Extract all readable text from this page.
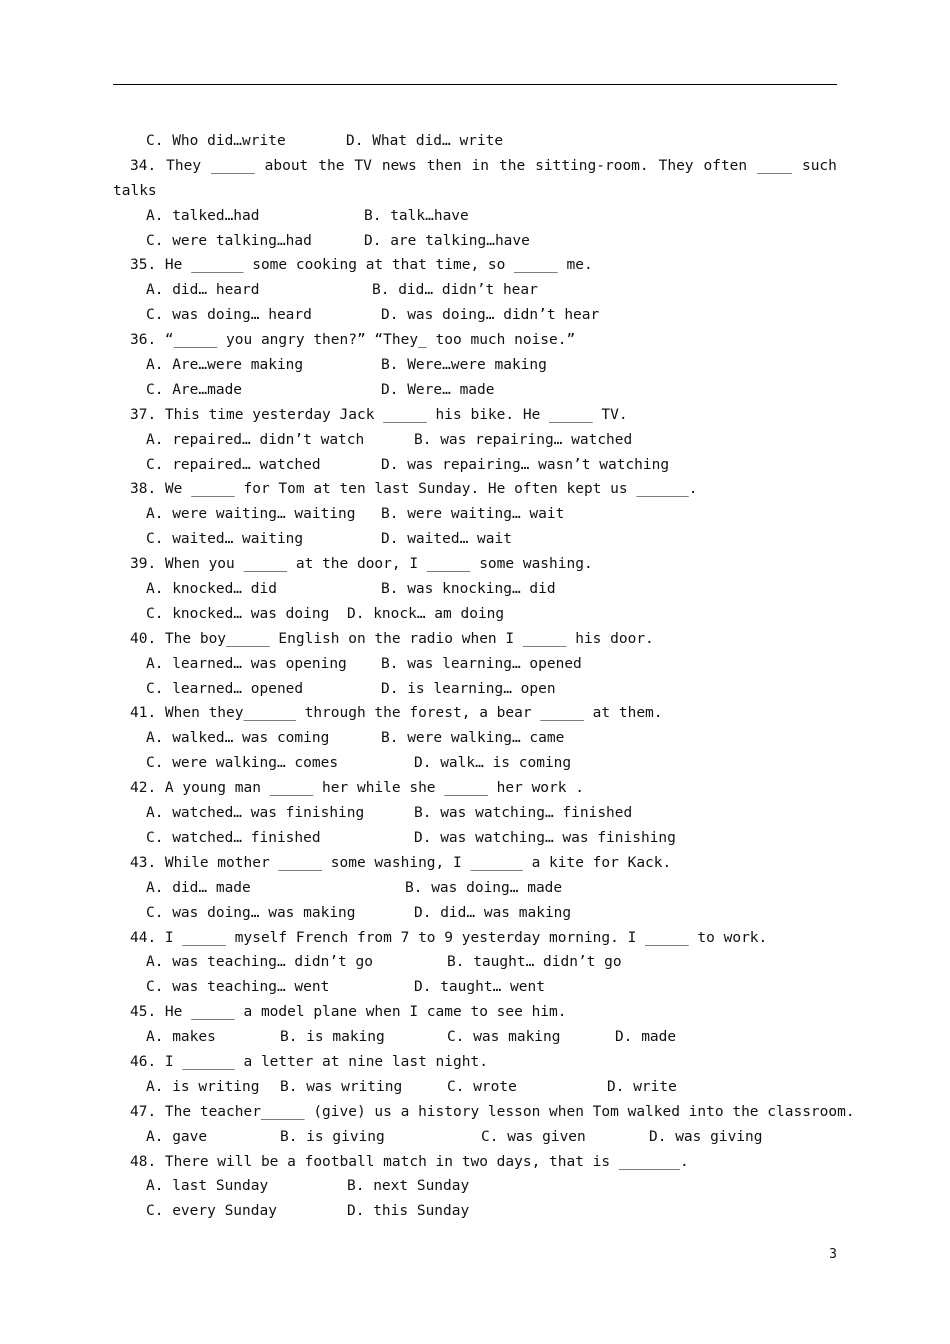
C. Who did…write	D. What did… write
34. They _____ about the TV news then in the sitting-room. They often ____ such
talks
A. talked…had	B. talk…have
C. were talking…had	D. are talking…have
35. He ______ some cooking at that time, so _____ me.
A. did… heard	B. did… didn’t hear
C. was doing… heard	D. was doing… didn’t hear
36. “_____ you angry then?” “They_ too much noise.”
A. Are…were making	B. Were…were making
C. Are…made	D. Were… made
37. This time yesterday Jack _____ his bike. He _____ TV.
A. repaired… didn’t watch	B. was repairing… watched
C. repaired… watched	D. was repairing… wasn’t watching
38. We _____ for Tom at ten last Sunday. He often kept us ______.
A. were waiting… waiting	B. were waiting… wait
C. waited… waiting	D. waited… wait
39. When you _____ at the door, I _____ some washing.
A. knocked… did	B. was knocking… did
C. knocked… was doing	D. knock… am doing
40. The boy_____ English on the radio when I _____ his door.
A. learned… was opening	B. was learning… opened
C. learned… opened	D. is learning… open
41. When they______ through the forest, a bear _____ at them.
A. walked… was coming	B. were walking… came
C. were walking… comes	D. walk… is coming
42. A young man _____ her while she _____ her work .
A. watched… was finishing	B. was watching… finished
C. watched… finished	D. was watching… was finishing
43. While mother _____ some washing, I ______ a kite for Kack.
A. did… made	B. was doing… made
C. was doing… was making	D. did… was making
44. I _____ myself French from 7 to 9 yesterday morning. I _____ to work.
A. was teaching… didn’t go	B. taught… didn’t go
C. was teaching… went	D. taught… went
45. He _____ a model plane when I came to see him.
A. makes	B. is making	C. was making	D. made
46. I ______ a letter at nine last night.
A. is writing	B. was writing	C. wrote	D. write
47. The teacher_____ (give) us a history lesson when Tom walked into the classroom.
A. gave	B. is giving	C. was given	D. was giving
48. There will be a football match in two days, that is _______.
A. last Sunday	B. next Sunday
C. every Sunday	D. this Sunday
3
